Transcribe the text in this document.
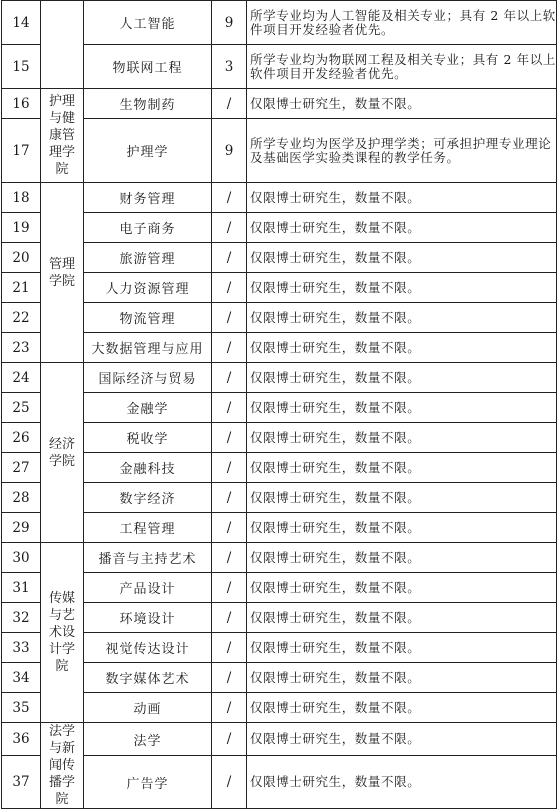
14		人工智能	9	所学专业均为人工智能及相关专业；具有 2 年以上软件项目开发经验者优先。
15		物联网工程	3	所学专业均为物联网工程及相关专业；具有 2 年以上软件项目开发经验者优先。
16	护理与健康管理学院	生物制药	/	仅限博士研究生，数量不限。
17		护理学	9	所学专业均为医学及护理学类；可承担护理专业理论及基础医学实验类课程的教学任务。
18	管理学院	财务管理	/	仅限博士研究生，数量不限。
19		电子商务	/	仅限博士研究生，数量不限。
20		旅游管理	/	仅限博士研究生，数量不限。
21		人力资源管理	/	仅限博士研究生，数量不限。
22		物流管理	/	仅限博士研究生，数量不限。
23		大数据管理与应用	/	仅限博士研究生，数量不限。
24	经济学院	国际经济与贸易	/	仅限博士研究生，数量不限。
25		金融学	/	仅限博士研究生，数量不限。
26		税收学	/	仅限博士研究生，数量不限。
27		金融科技	/	仅限博士研究生，数量不限。
28		数字经济	/	仅限博士研究生，数量不限。
29		工程管理	/	仅限博士研究生，数量不限。
30	传媒与艺术设计学院	播音与主持艺术	/	仅限博士研究生，数量不限。
31		产品设计	/	仅限博士研究生，数量不限。
32		环境设计	/	仅限博士研究生，数量不限。
33		视觉传达设计	/	仅限博士研究生，数量不限。
34		数字媒体艺术	/	仅限博士研究生，数量不限。
35		动画	/	仅限博士研究生，数量不限。
36	法学与新闻传播学院	法学	/	仅限博士研究生，数量不限。
37		广告学	/	仅限博士研究生，数量不限。
